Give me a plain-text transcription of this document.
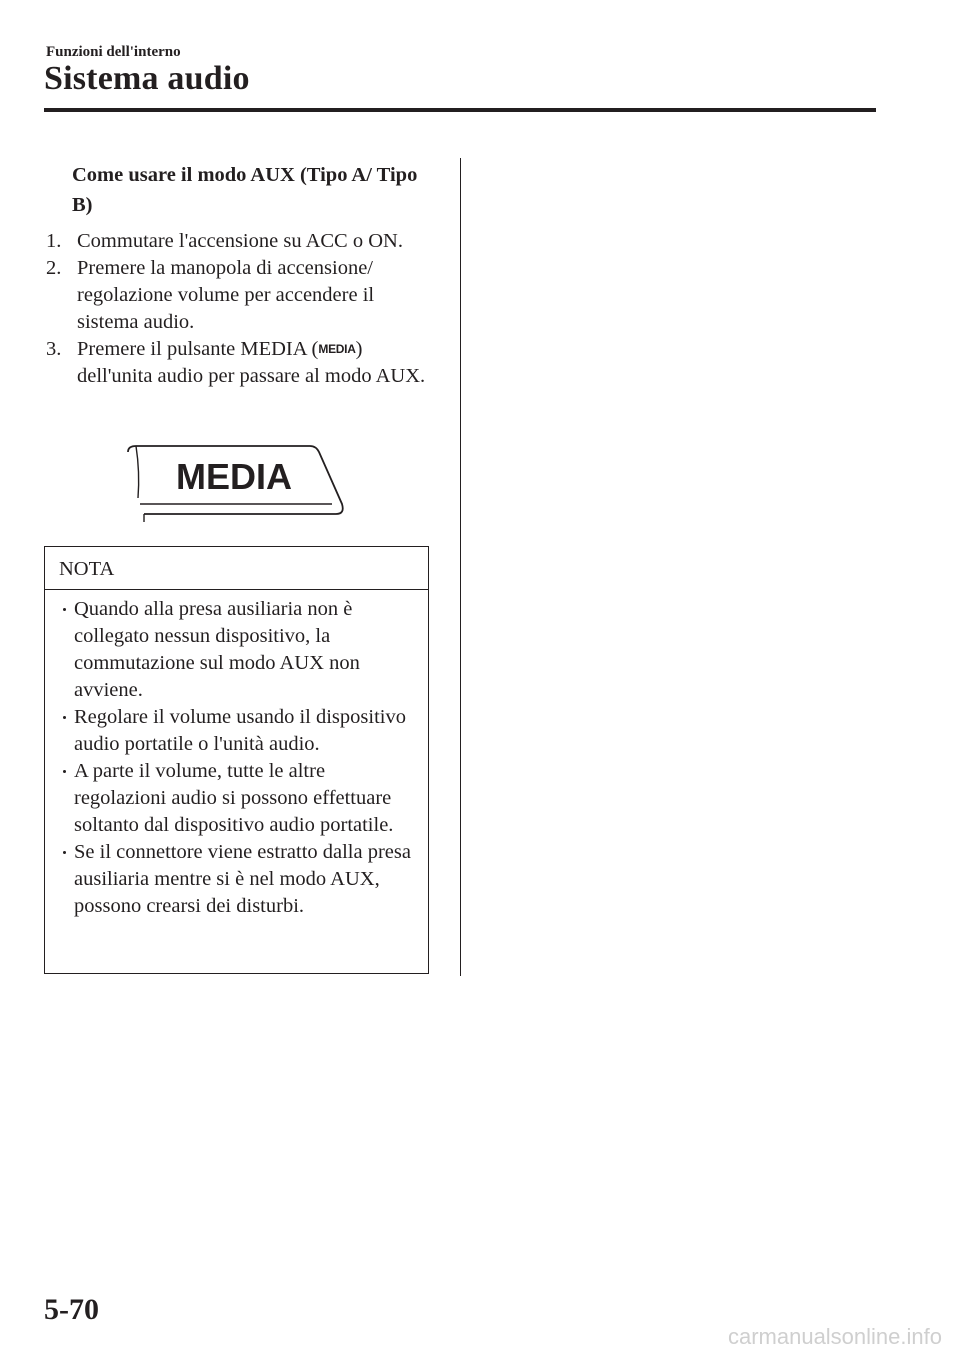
Funzioni dell'interno
Sistema audio
Come usare il modo AUX (Tipo A/ Tipo B)
1. Commutare l'accensione su ACC o ON.
2. Premere la manopola di accensione/ regolazione volume per accendere il sistema audio.
3. Premere il pulsante MEDIA (MEDIA) dell'unita audio per passare al modo AUX.
MEDIA
NOTA
Quando alla presa ausiliaria non è collegato nessun dispositivo, la commutazione sul modo AUX non avviene.
Regolare il volume usando il dispositivo audio portatile o l'unità audio.
A parte il volume, tutte le altre regolazioni audio si possono effettuare soltanto dal dispositivo audio portatile.
Se il connettore viene estratto dalla presa ausiliaria mentre si è nel modo AUX, possono crearsi dei disturbi.
5-70
carmanualsonline.info
